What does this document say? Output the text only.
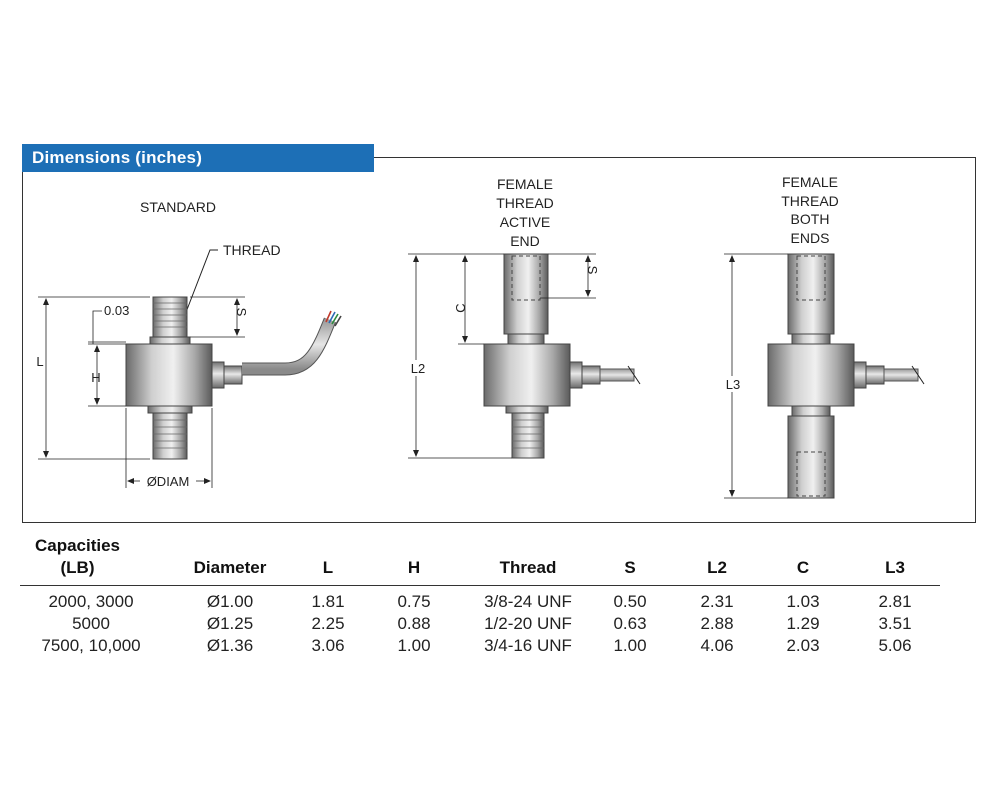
Dimensions (inches)
STANDARD
THREAD
S
0.03
L
H
ØDIAM
FEMALE
THREAD
ACTIVE
END
S
C
L2
FEMALE
THREAD
BOTH
ENDS
L3
Capacities
(LB)	Diameter	L	H	Thread	S	L2	C	L3
2000, 3000	Ø1.00	1.81	0.75	3/8-24 UNF	0.50	2.31	1.03	2.81
5000	Ø1.25	2.25	0.88	1/2-20 UNF	0.63	2.88	1.29	3.51
7500, 10,000	Ø1.36	3.06	1.00	3/4-16 UNF	1.00	4.06	2.03	5.06
